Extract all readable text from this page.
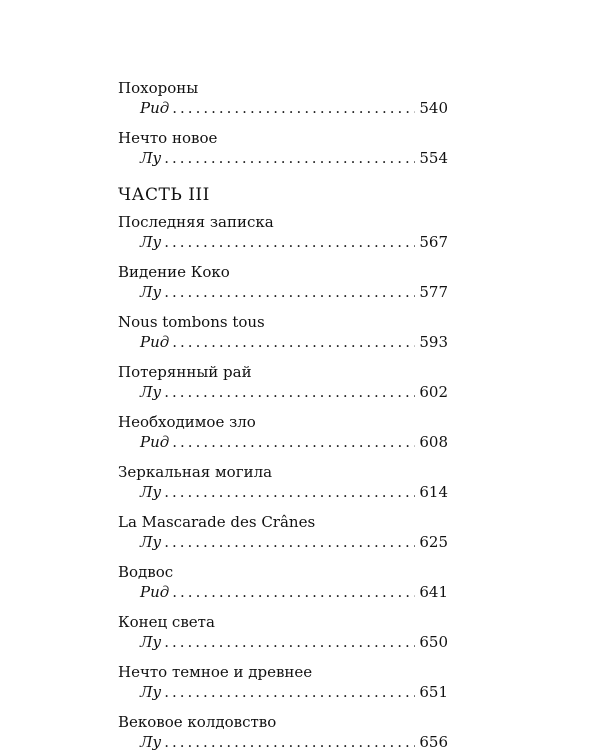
Похороны
Рид .....	540
Нечто новое
Лу .....	554
ЧАСТЬ III
Последняя записка
Лу .....	567
Видение Коко
Лу .....	577
Nous tombons tous
Рид .....	593
Потерянный рай
Лу .....	602
Необходимое зло
Рид .....	608
Зеркальная могила
Лу .....	614
La Mascarade des Crânes
Лу .....	625
Водвос
Рид .....	641
Конец света
Лу .....	650
Нечто темное и древнее
Лу .....	651
Вековое колдовство
Лу .....	656
